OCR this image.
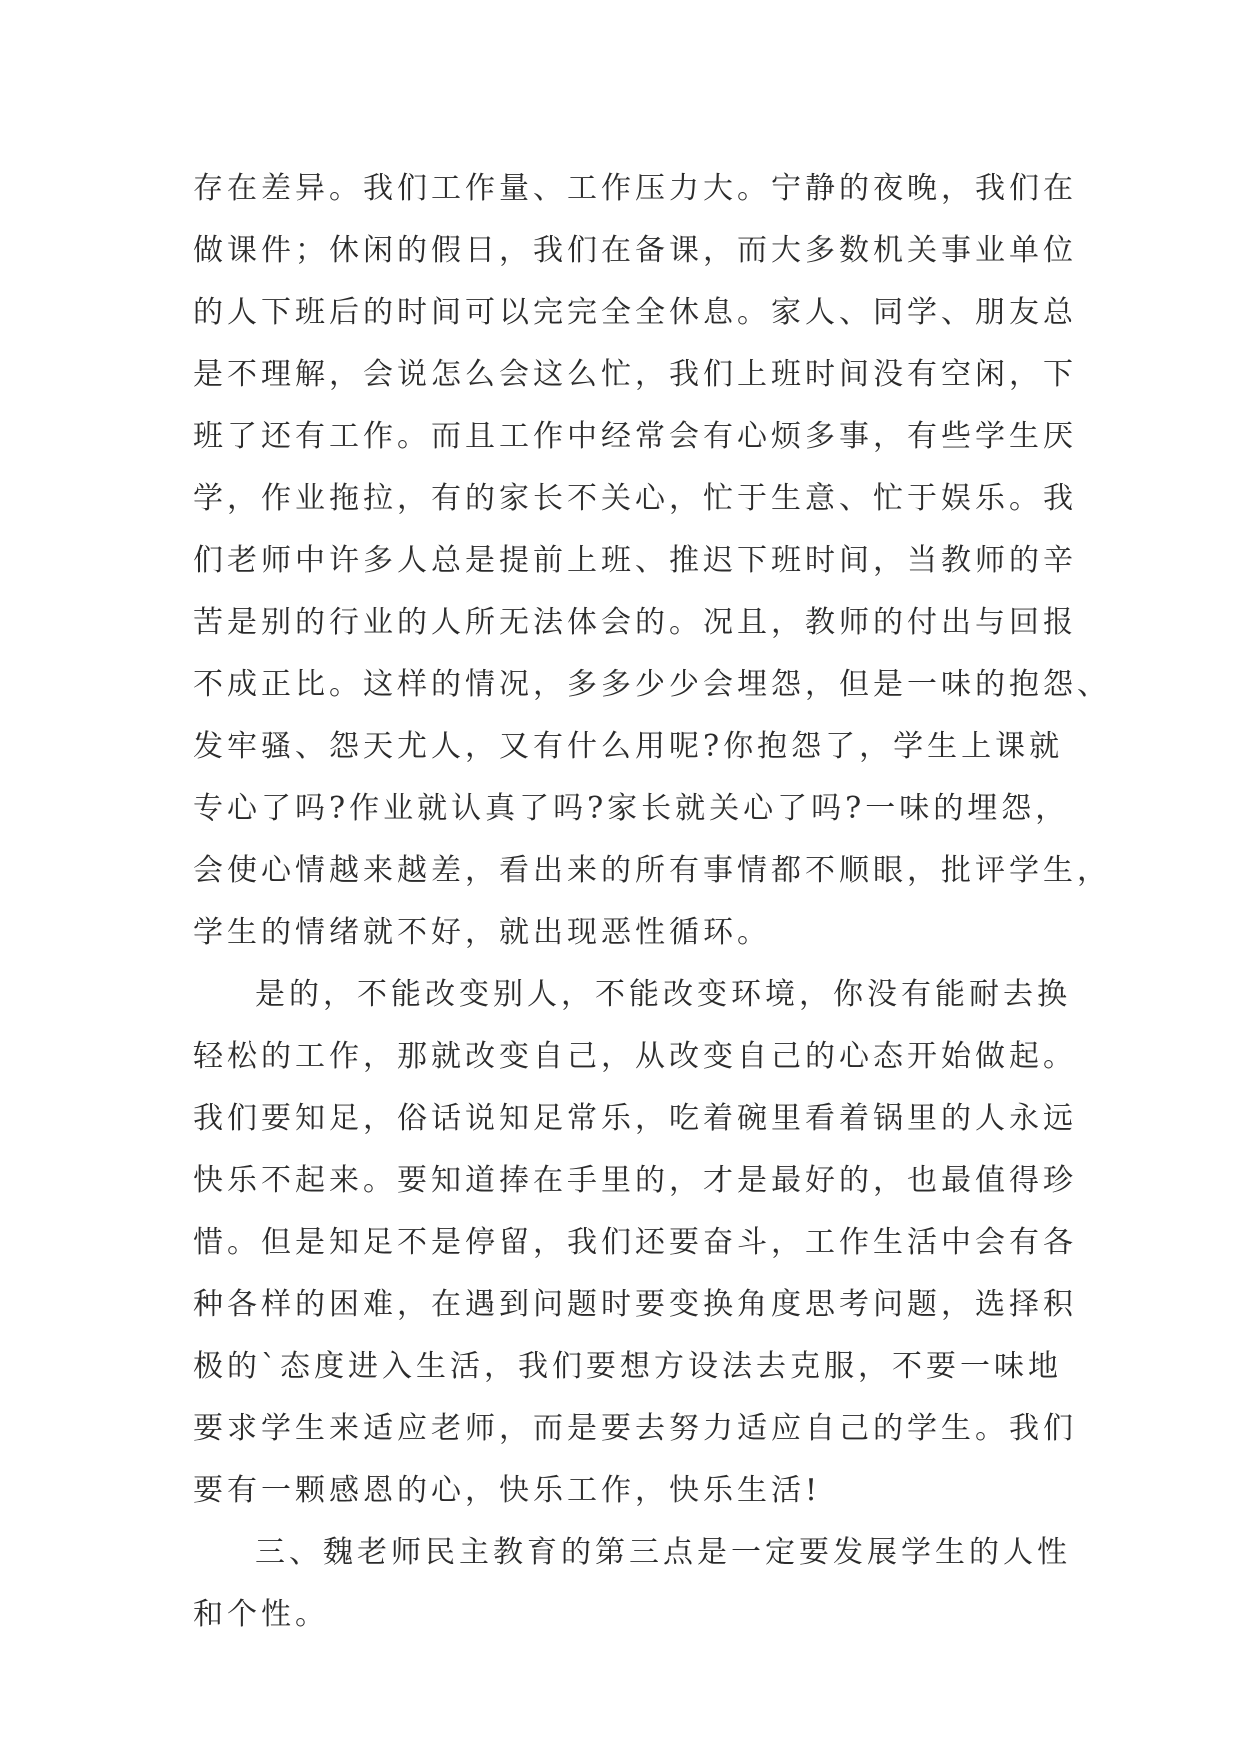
存在差异。我们工作量、工作压力大。宁静的夜晚，我们在
做课件；休闲的假日，我们在备课，而大多数机关事业单位
的人下班后的时间可以完完全全休息。家人、同学、朋友总
是不理解，会说怎么会这么忙，我们上班时间没有空闲，下
班了还有工作。而且工作中经常会有心烦多事，有些学生厌
学，作业拖拉，有的家长不关心，忙于生意、忙于娱乐。我
们老师中许多人总是提前上班、推迟下班时间，当教师的辛
苦是别的行业的人所无法体会的。况且，教师的付出与回报
不成正比。这样的情况，多多少少会埋怨，但是一味的抱怨、
发牢骚、怨天尤人，又有什么用呢?你抱怨了，学生上课就
专心了吗?作业就认真了吗?家长就关心了吗?一味的埋怨，
会使心情越来越差，看出来的所有事情都不顺眼，批评学生，
学生的情绪就不好，就出现恶性循环。
是的，不能改变别人，不能改变环境，你没有能耐去换
轻松的工作，那就改变自己，从改变自己的心态开始做起。
我们要知足，俗话说知足常乐，吃着碗里看着锅里的人永远
快乐不起来。要知道捧在手里的，才是最好的，也最值得珍
惜。但是知足不是停留，我们还要奋斗，工作生活中会有各
种各样的困难，在遇到问题时要变换角度思考问题，选择积
极的`态度进入生活，我们要想方设法去克服，不要一味地
要求学生来适应老师，而是要去努力适应自己的学生。我们
要有一颗感恩的心，快乐工作，快乐生活!
三、魏老师民主教育的第三点是一定要发展学生的人性
和个性。
